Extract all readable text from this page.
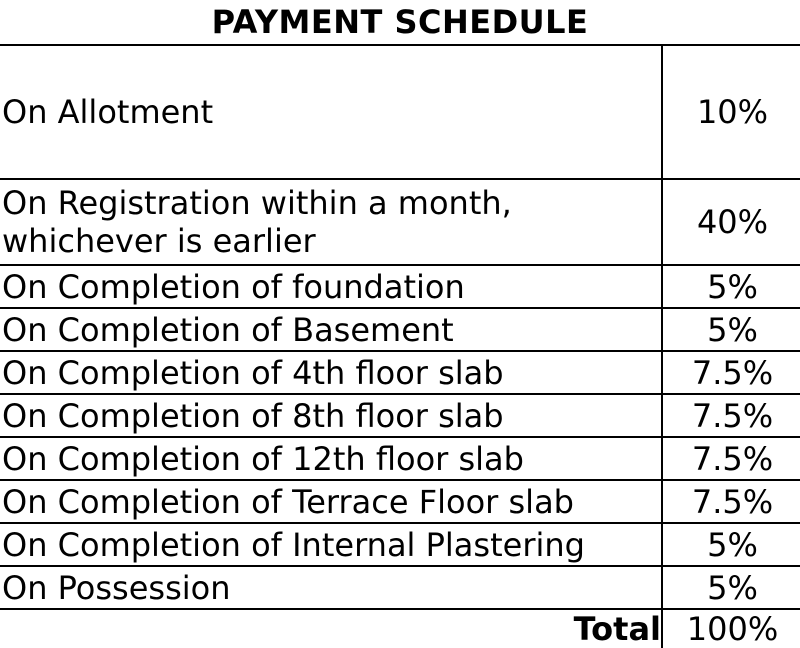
PAYMENT SCHEDULE
On Allotment	10%
On Registration within a month, whichever is earlier	40%
On Completion of foundation	5%
On Completion of Basement	5%
On Completion of 4th floor slab	7.5%
On Completion of 8th floor slab	7.5%
On Completion of 12th floor slab	7.5%
On Completion of Terrace Floor slab	7.5%
On Completion of Internal Plastering	5%
On Possession	5%
Total	100%
